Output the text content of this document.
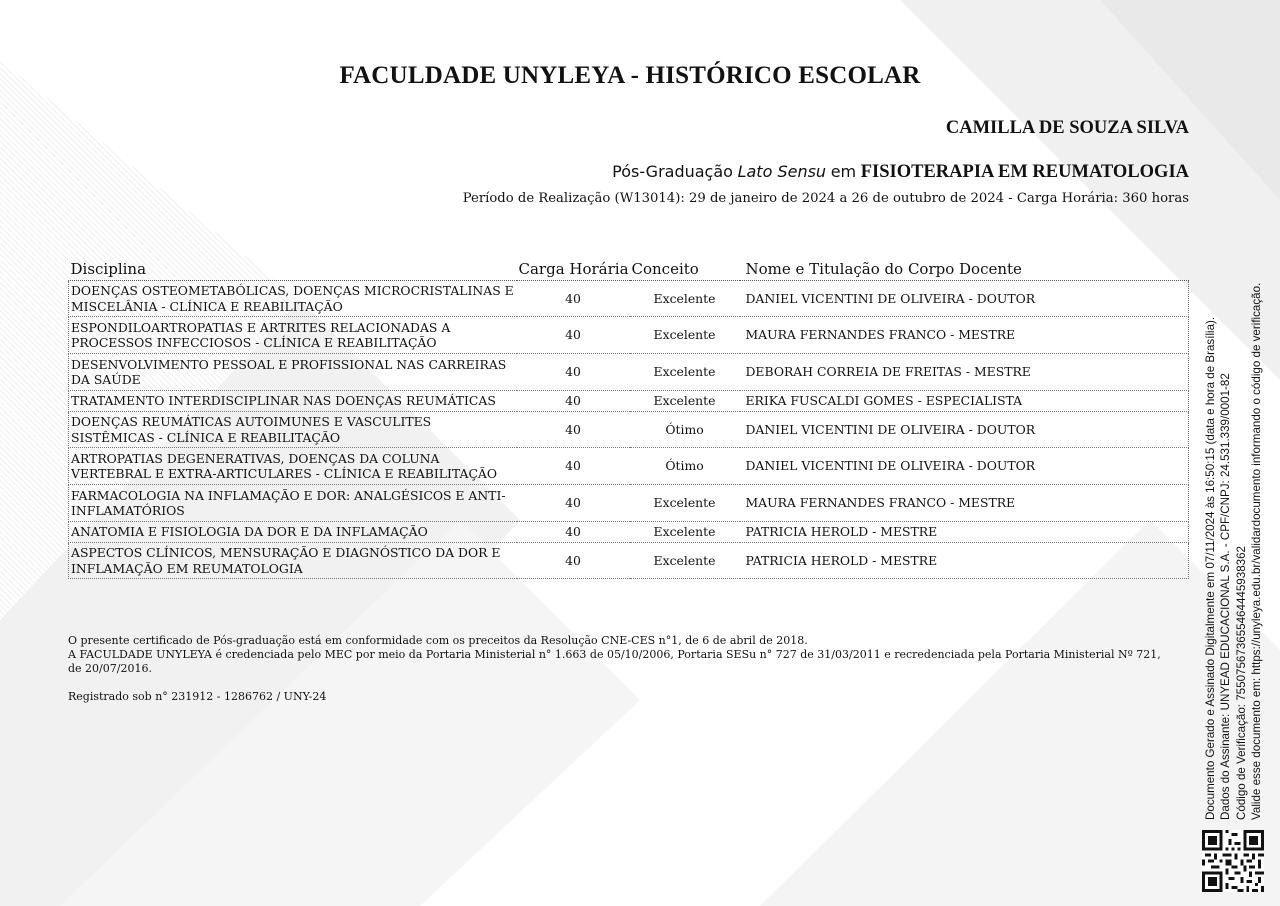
FACULDADE UNYLEYA - HISTÓRICO ESCOLAR
CAMILLA DE SOUZA SILVA
Pós-Graduação Lato Sensu em FISIOTERAPIA EM REUMATOLOGIA
Período de Realização (W13014): 29 de janeiro de 2024 a 26 de outubro de 2024 - Carga Horária: 360 horas
Disciplina	Carga Horária	Conceito	Nome e Titulação do Corpo Docente
DOENÇAS OSTEOMETABÓLICAS, DOENÇAS MICROCRISTALINAS E MISCELÂNIA - CLÍNICA E REABILITAÇÃO	40	Excelente	DANIEL VICENTINI DE OLIVEIRA - DOUTOR
ESPONDILOARTROPATIAS E ARTRITES RELACIONADAS A PROCESSOS INFECCIOSOS - CLÍNICA E REABILITAÇÃO	40	Excelente	MAURA FERNANDES FRANCO - MESTRE
DESENVOLVIMENTO PESSOAL E PROFISSIONAL NAS CARREIRAS DA SAÚDE	40	Excelente	DEBORAH CORREIA DE FREITAS - MESTRE
TRATAMENTO INTERDISCIPLINAR NAS DOENÇAS REUMÁTICAS	40	Excelente	ERIKA FUSCALDI GOMES - ESPECIALISTA
DOENÇAS REUMÁTICAS AUTOIMUNES E VASCULITES SISTÊMICAS - CLÍNICA E REABILITAÇÃO	40	Ótimo	DANIEL VICENTINI DE OLIVEIRA - DOUTOR
ARTROPATIAS DEGENERATIVAS, DOENÇAS DA COLUNA VERTEBRAL E EXTRA-ARTICULARES - CLÍNICA E REABILITAÇÃO	40	Ótimo	DANIEL VICENTINI DE OLIVEIRA - DOUTOR
FARMACOLOGIA NA INFLAMAÇÃO E DOR: ANALGÉSICOS E ANTI-INFLAMATÓRIOS	40	Excelente	MAURA FERNANDES FRANCO - MESTRE
ANATOMIA E FISIOLOGIA DA DOR E DA INFLAMAÇÃO	40	Excelente	PATRICIA HEROLD - MESTRE
ASPECTOS CLÍNICOS, MENSURAÇÃO E DIAGNÓSTICO DA DOR E INFLAMAÇÃO EM REUMATOLOGIA	40	Excelente	PATRICIA HEROLD - MESTRE

O presente certificado de Pós-graduação está em conformidade com os preceitos da Resolução CNE-CES n°1, de 6 de abril de 2018.

A FACULDADE UNYLEYA é credenciada pelo MEC por meio da Portaria Ministerial n° 1.663 de 05/10/2006, Portaria SESu n° 727 de 31/03/2011 e recredenciada pela Portaria Ministerial Nº 721, de 20/07/2016.

Registrado sob n° 231912 - 1286762 / UNY-24	Documento Gerado e Assinado Digitalmente em 07/11/2024 às 16:50:15 (data e hora de Brasília). Dados do Assinante: UNYEAD EDUCACIONAL S.A. - CPF/CNPJ: 24.531.339/0001-82 Código de Verificação: 755075673655464445938362 Valide esse documento em: https://unyleya.edu.br/validardocumento informando o código de verificação.
